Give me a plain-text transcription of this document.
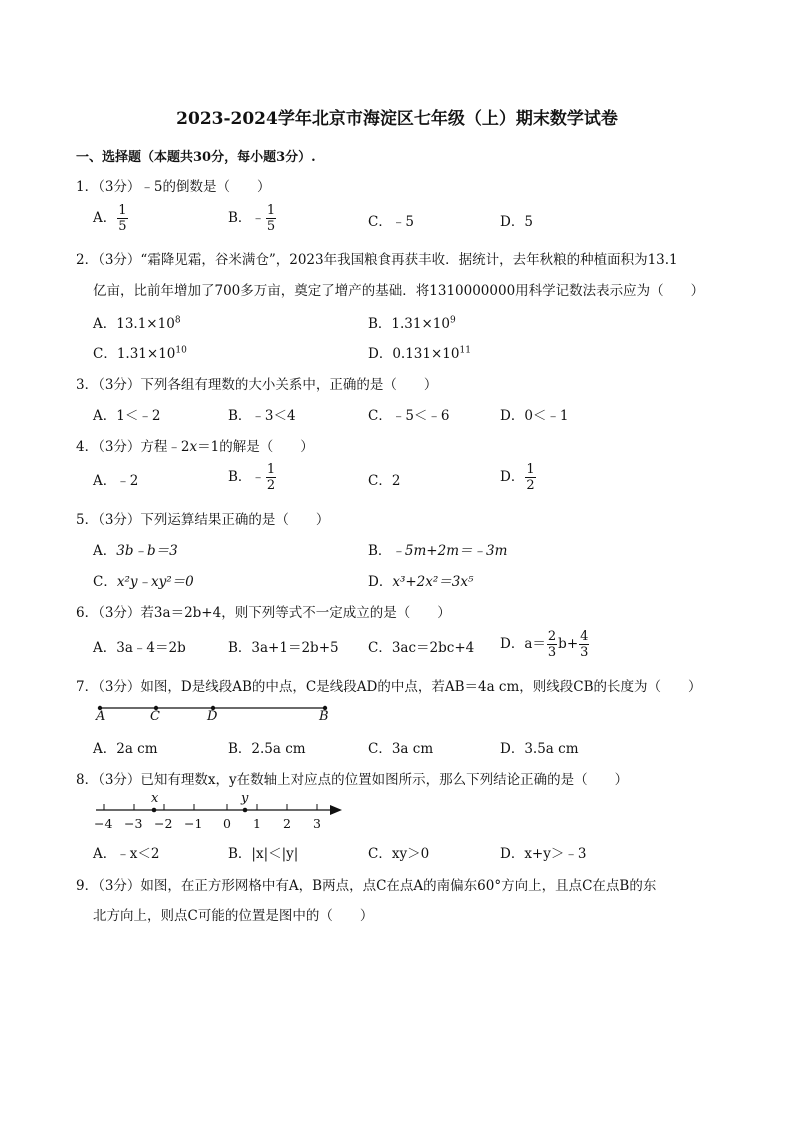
2023-2024学年北京市海淀区七年级（上）期末数学试卷
一、选择题（本题共30分，每小题3分）.
1．（3分）﹣5的倒数是（　　）
A． $\frac{1}{5}$	B．﹣ $\frac{1}{5}$	C．﹣5	D．5
2．（3分）“霜降见霜，谷米满仓”，2023年我国粮食再获丰收．据统计，去年秋粮的种植面积为13.1
亿亩，比前年增加了700多万亩，奠定了增产的基础．将1310000000用科学记数法表示应为（　　）
A．$13.1\times 10^8$	B．$1.31\times 10^9$
C．$1.31\times 10^{10}$	D．$0.131\times 10^{11}$
3．（3分）下列各组有理数的大小关系中，正确的是（　　）
A．1＜﹣2	B．﹣3＜4	C．﹣5＜﹣6	D．0＜﹣1
4．（3分）方程﹣2x＝1的解是（　　）
A．﹣2	B．﹣ $\frac{1}{2}$	C．2	D． $\frac{1}{2}$
5．（3分）下列运算结果正确的是（　　）
A．3b﹣b＝3	B．﹣5m+2m＝﹣3m
C．x²y﹣xy²＝0	D．x³+2x²＝3x⁵
6．（3分）若3a＝2b+4，则下列等式不一定成立的是（　　）
A．3a﹣4＝2b	B．3a+1＝2b+5 C．3ac＝2bc+4 D．$a= \frac{2}{3} b+ \frac{4}{3}$
7．（3分）如图，D是线段AB的中点，C是线段AD的中点，若AB＝4a cm，则线段CB的长度为（　　）
A	C	D	B
A．2a cm	B．2.5a cm	C．3a cm	D．3.5a cm
8．（3分）已知有理数x，y在数轴上对应点的位置如图所示，那么下列结论正确的是（　　）
x	y
−4 −3 −2 −1 0 1 2 3
A．﹣x＜2	B．|x|＜|y|	C．xy＞0	D．x+y＞﹣3
9．（3分）如图，在正方形网格中有A，B两点，点C在点A的南偏东60°方向上，且点C在点B的东
北方向上，则点C可能的位置是图中的（　　）
